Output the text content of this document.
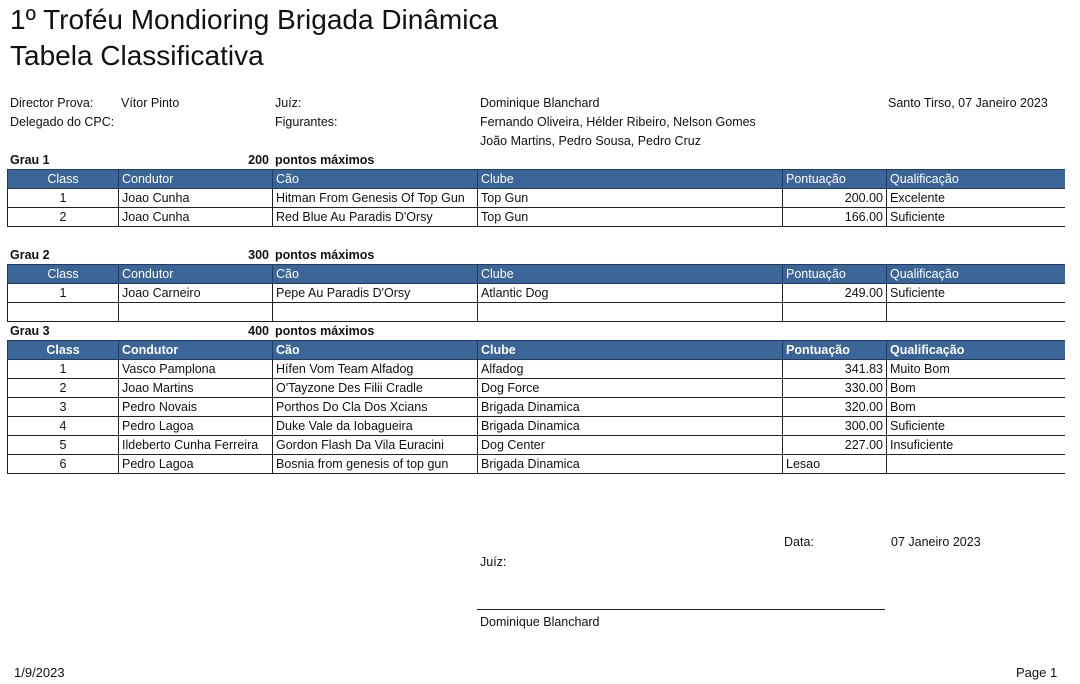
1º Troféu Mondioring Brigada Dinâmica
Tabela Classificativa
Director Prova: Vítor Pinto	Juíz:	Dominique Blanchard	Santo Tirso, 07 Janeiro 2023
Delegado do CPC:	Figurantes:	Fernando Oliveira, Hélder Ribeiro, Nelson Gomes
João Martins, Pedro Sousa, Pedro Cruz
Grau 1	200 pontos máximos
Class	Condutor	Cão	Clube	Pontuação	Qualificação
1	Joao Cunha	Hitman From Genesis Of Top Gun	Top Gun	200.00	Excelente
2	Joao Cunha	Red Blue Au Paradis D'Orsy	Top Gun	166.00	Suficiente
Grau 2	300 pontos máximos
Class	Condutor	Cão	Clube	Pontuação	Qualificação
1	Joao Carneiro	Pepe Au Paradis D'Orsy	Atlantic Dog	249.00	Suficiente

Grau 3	400 pontos máximos
Class	Condutor	Cão	Clube	Pontuação	Qualificação
1	Vasco Pamplona	Hífen Vom Team Alfadog	Alfadog	341.83	Muito Bom
2	Joao Martins	O'Tayzone Des Filii Cradle	Dog Force	330.00	Bom
3	Pedro Novais	Porthos Do Cla Dos Xcians	Brigada Dinamica	320.00	Bom
4	Pedro Lagoa	Duke Vale da Iobagueira	Brigada Dinamica	300.00	Suficiente
5	Ildeberto Cunha Ferreira	Gordon Flash Da Vila Euracini	Dog Center	227.00	Insuficiente
6	Pedro Lagoa	Bosnia from genesis of top gun	Brigada Dinamica	Lesao	
Data:	07 Janeiro 2023
Juíz:
Dominique Blanchard
1/9/2023	Page 1
